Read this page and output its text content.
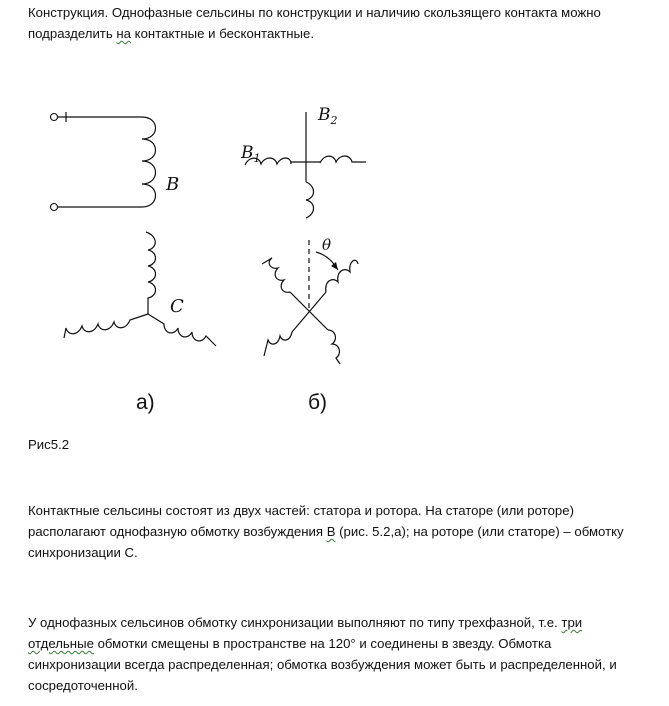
Конструкция. Однофазные сельсины по конструкции и наличию скользящего контакта можно
подразделить на контактные и бесконтактные.

B
C
$B_2$
$B_1$
θ
а)	б)

Рис5.2

Контактные сельсины состоят из двух частей: статора и ротора. На статоре (или роторе)
располагают однофазную обмотку возбуждения В (рис. 5.2,а); на роторе (или статоре) – обмотку
синхронизации С.

У однофазных сельсинов обмотку синхронизации выполняют по типу трехфазной, т.е. три
отдельные обмотки смещены в пространстве на 120° и соединены в звезду. Обмотка
синхронизации всегда распределенная; обмотка возбуждения может быть и распределенной, и
сосредоточенной.
